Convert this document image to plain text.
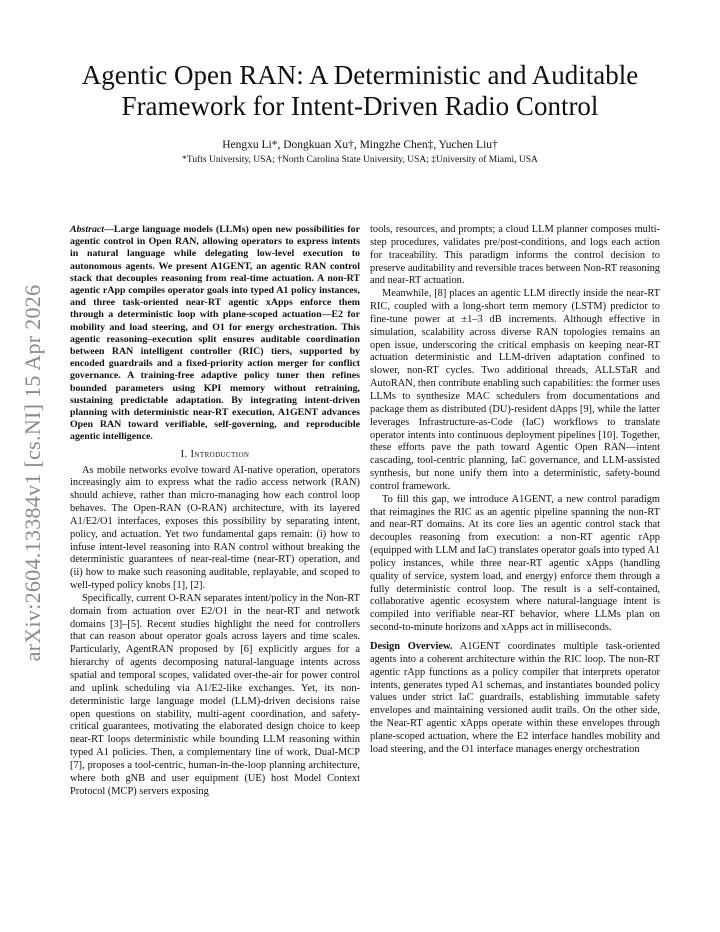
Agentic Open RAN: A Deterministic and Auditable
Framework for Intent-Driven Radio Control
Hengxu Li*, Dongkuan Xu†, Mingzhe Chen‡, Yuchen Liu†
*Tufts University, USA; †North Carolina State University, USA; ‡University of Miami, USA
arXiv:2604.13384v1 [cs.NI] 15 Apr 2026

Abstract—Large language models (LLMs) open new possibilities for agentic control in Open RAN, allowing operators to express intents in natural language while delegating low-level execution to autonomous agents. We present A1GENT, an agentic RAN control stack that decouples reasoning from real-time actuation. A non-RT agentic rApp compiles operator goals into typed A1 policy instances, and three task-oriented near-RT agentic xApps enforce them through a deterministic loop with plane-scoped actuation—E2 for mobility and load steering, and O1 for energy orchestration. This agentic reasoning–execution split ensures auditable coordination between RAN intelligent controller (RIC) tiers, supported by encoded guardrails and a fixed-priority action merger for conflict governance. A training-free adaptive policy tuner then refines bounded parameters using KPI memory without retraining, sustaining predictable adaptation. By integrating intent-driven planning with deterministic near-RT execution, A1GENT advances Open RAN toward verifiable, self-governing, and reproducible agentic intelligence.

I. Introduction

As mobile networks evolve toward AI-native operation, operators increasingly aim to express what the radio access network (RAN) should achieve, rather than micro-managing how each control loop behaves. The Open-RAN (O-RAN) architecture, with its layered A1/E2/O1 interfaces, exposes this possibility by separating intent, policy, and actuation. Yet two fundamental gaps remain: (i) how to infuse intent-level reasoning into RAN control without breaking the deterministic guarantees of near-real-time (near-RT) operation, and (ii) how to make such reasoning auditable, replayable, and scoped to well-typed policy knobs [1], [2].

Specifically, current O-RAN separates intent/policy in the Non-RT domain from actuation over E2/O1 in the near-RT and network domains [3]–[5]. Recent studies highlight the need for controllers that can reason about operator goals across layers and time scales. Particularly, AgentRAN proposed by [6] explicitly argues for a hierarchy of agents decomposing natural-language intents across spatial and temporal scopes, validated over-the-air for power control and uplink scheduling via A1/E2-like exchanges. Yet, its non-deterministic large language model (LLM)-driven decisions raise open questions on stability, multi-agent coordination, and safety-critical guarantees, motivating the elaborated design choice to keep near-RT loops deterministic while bounding LLM reasoning within typed A1 policies. Then, a complementary line of work, Dual-MCP [7], proposes a tool-centric, human-in-the-loop planning architecture, where both gNB and user equipment (UE) host Model Context Protocol (MCP) servers exposing

tools, resources, and prompts; a cloud LLM planner composes multi-step procedures, validates pre/post-conditions, and logs each action for traceability. This paradigm informs the control decision to preserve auditability and reversible traces between Non-RT reasoning and near-RT actuation.

Meanwhile, [8] places an agentic LLM directly inside the near-RT RIC, coupled with a long-short term memory (LSTM) predictor to fine-tune power at ±1–3 dB increments. Although effective in simulation, scalability across diverse RAN topologies remains an open issue, underscoring the critical emphasis on keeping near-RT actuation deterministic and LLM-driven adaptation confined to slower, non-RT cycles. Two additional threads, ALLSTaR and AutoRAN, then contribute enabling such capabilities: the former uses LLMs to synthesize MAC schedulers from documentations and package them as distributed (DU)-resident dApps [9], while the latter leverages Infrastructure-as-Code (IaC) workflows to translate operator intents into continuous deployment pipelines [10]. Together, these efforts pave the path toward Agentic Open RAN—intent cascading, tool-centric planning, IaC governance, and LLM-assisted synthesis, but none unify them into a deterministic, safety-bound control framework.

To fill this gap, we introduce A1GENT, a new control paradigm that reimagines the RIC as an agentic pipeline spanning the non-RT and near-RT domains. At its core lies an agentic control stack that decouples reasoning from execution: a non-RT agentic rApp (equipped with LLM and IaC) translates operator goals into typed A1 policy instances, while three near-RT agentic xApps (handling quality of service, system load, and energy) enforce them through a fully deterministic control loop. The result is a self-contained, collaborative agentic ecosystem where natural-language intent is compiled into verifiable near-RT behavior, where LLMs plan on second-to-minute horizons and xApps act in milliseconds.

Design Overview. A1GENT coordinates multiple task-oriented agents into a coherent architecture within the RIC loop. The non-RT agentic rApp functions as a policy compiler that interprets operator intents, generates typed A1 schemas, and instantiates bounded policy values under strict IaC guardrails, establishing immutable safety envelopes and maintaining versioned audit trails. On the other side, the Near-RT agentic xApps operate within these envelopes through plane-scoped actuation, where the E2 interface handles mobility and load steering, and the O1 interface manages energy orchestration
